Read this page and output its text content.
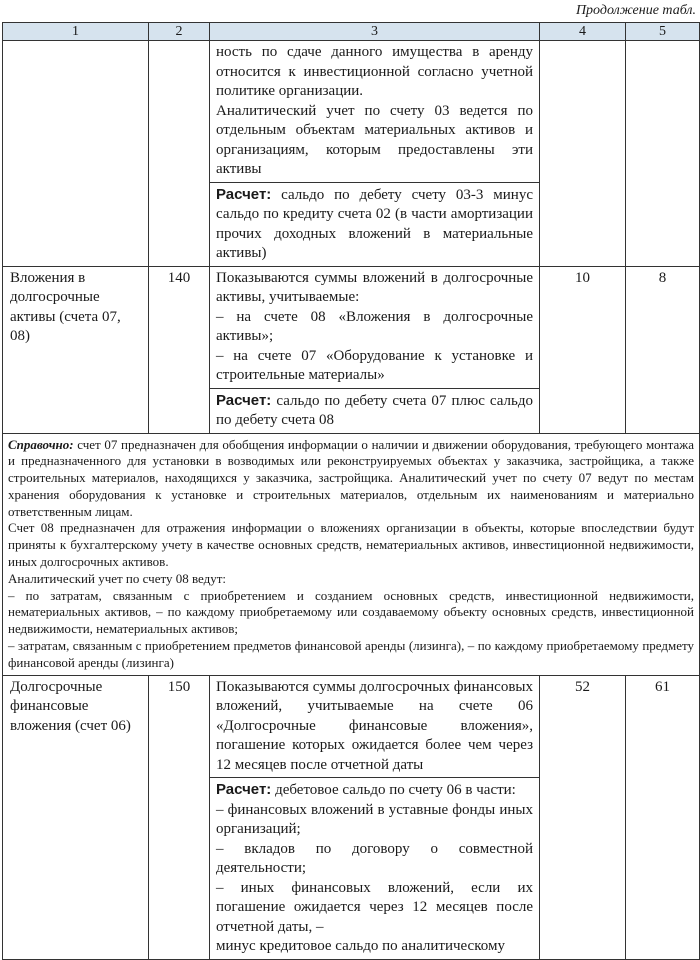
Продолжение табл.
1	2	3	4	5

		ность по сдаче данного имущества в аренду относится к инвестиционной согласно учетной политике организации.
Аналитический учет по счету 03 ведется по отдельным объектам материальных активов и организациям, которым предоставлены эти активы		

		Расчет: сальдо по дебету счету 03-3 минус сальдо по кредиту счета 02 (в части амортизации прочих доходных вложений в материальные активы)		
Вложения в долгосрочные активы (счета 07, 08)	140	Показываются суммы вложений в долгосрочные активы, учитываемые:
– на счете 08 «Вложения в долгосрочные активы»;
– на счете 07 «Оборудование к установке и строительные материалы»	10	8
		Расчет: сальдо по дебету счета 07 плюс сальдо по дебету счета 08		

Справочно: счет 07 предназначен для обобщения информации о наличии и движении оборудования, требующего монтажа и предназначенного для установки в возводимых или реконструируемых объектах у заказчика, застройщика, а также строительных материалов, находящихся у заказчика, застройщика. Аналитический учет по счету 07 ведут по местам хранения оборудования к установке и строительных материалов, отдельным их наименованиям и материально ответственным лицам.
Счет 08 предназначен для отражения информации о вложениях организации в объекты, которые впоследствии будут приняты к бухгалтерскому учету в качестве основных средств, нематериальных активов, инвестиционной недвижимости, иных долгосрочных активов.
Аналитический учет по счету 08 ведут:
– по затратам, связанным с приобретением и созданием основных средств, инвестиционной недвижимости, нематериальных активов, – по каждому приобретаемому или создаваемому объекту основных средств, инвестиционной недвижимости, нематериальных активов;
– затратам, связанным с приобретением предметов финансовой аренды (лизинга), – по каждому приобретаемому предмету финансовой аренды (лизинга)				

Долгосрочные финансовые вложения (счет 06)	150	Показываются суммы долгосрочных финансовых вложений, учитываемые на счете 06 «Долгосрочные финансовые вложения», погашение которых ожидается более чем через 12 месяцев после отчетной даты	52	61

		Расчет: дебетовое сальдо по счету 06 в части:
– финансовых вложений в уставные фонды иных организаций;
– вкладов по договору о совместной деятельности;
– иных финансовых вложений, если их погашение ожидается через 12 месяцев после отчетной даты, –
минус кредитовое сальдо по аналитическому		
